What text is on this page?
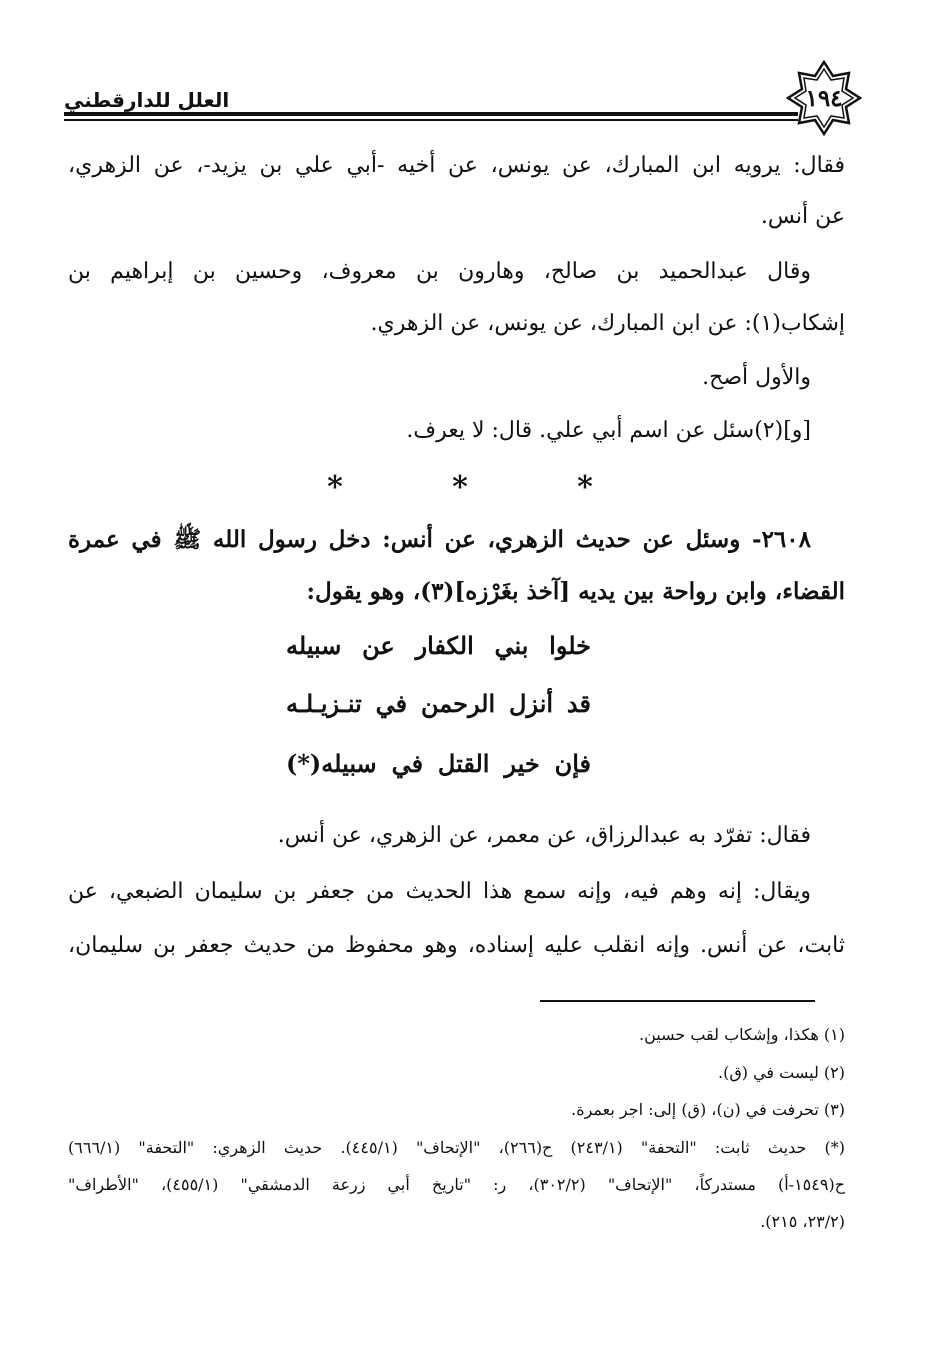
١٩٤
العلل للدارقطني
فقال: يرويه ابن المبارك، عن يونس، عن أخيه -أبي علي بن يزيد-، عن الزهري،
عن أنس.
وقال عبدالحميد بن صالح، وهارون بن معروف، وحسين بن إبراهيم بن
إشكاب(١): عن ابن المبارك، عن يونس، عن الزهري.
والأول أصح.
[و](٢)سئل عن اسم أبي علي. قال: لا يعرف.
*	*	*
٢٦٠٨- وسئل عن حديث الزهري، عن أنس: دخل رسول الله ﷺ في عمرة
القضاء، وابن رواحة بين يديه [آخذ بغَرْزه](٣)، وهو يقول:
خلوا بني الكفار عن سبيله
قد أنزل الرحمن في تنـزيـلـه
فإن خير القتل في سبيله(*)
فقال: تفرّد به عبدالرزاق، عن معمر، عن الزهري، عن أنس.
ويقال: إنه وهم فيه، وإنه سمع هذا الحديث من جعفر بن سليمان الضبعي، عن
ثابت، عن أنس. وإنه انقلب عليه إسناده، وهو محفوظ من حديث جعفر بن سليمان،
(١) هكذا، وإشكاب لقب حسين.
(٢) ليست في (ق).
(٣) تحرفت في (ن)، (ق) إلى: اجر بعمرة.
(*) حديث ثابت: "التحفة" (٢٤٣/١) ح(٢٦٦)، "الإتحاف" (٤٤٥/١). حديث الزهري: "التحفة" (٦٦٦/١)
ح(١٥٤٩-أ) مستدركاً، "الإتحاف" (٣٠٢/٢)، ر: "تاريخ أبي زرعة الدمشقي" (٤٥٥/١)، "الأطراف"
(٢٣/٢، ٢١٥).
